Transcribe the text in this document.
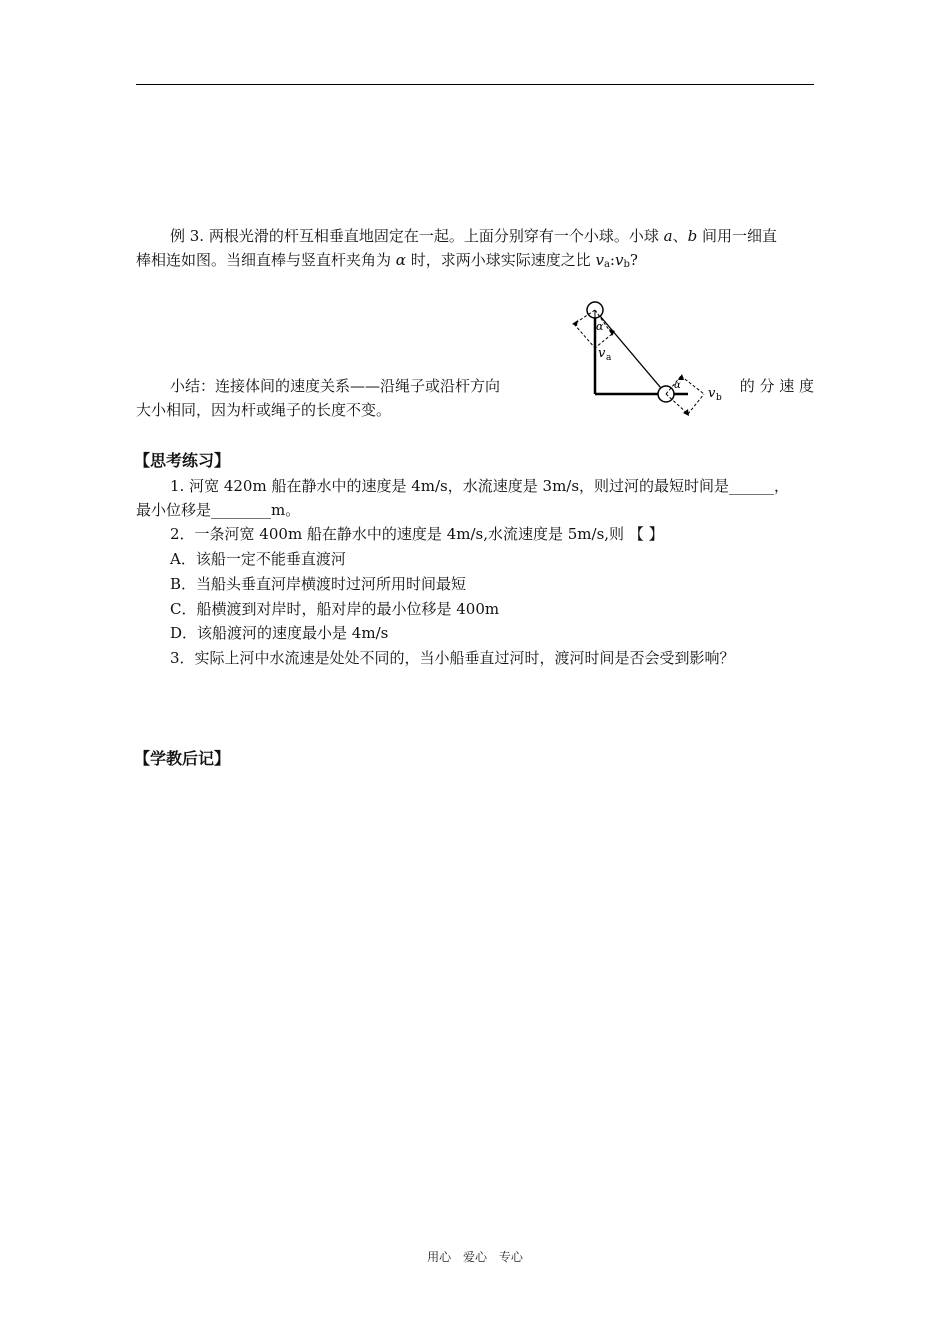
例 3. 两根光滑的杆互相垂直地固定在一起。上面分别穿有一个小球。小球 a、b 间用一细直
棒相连如图。当细直棒与竖直杆夹角为 α 时，求两小球实际速度之比 $v_a:v_b$?
α
α
v a
v b
小结：连接体间的速度关系——沿绳子或沿杆方向	的 分 速 度
大小相同，因为杆或绳子的长度不变。
【思考练习】
1. 河宽 420m 船在静水中的速度是 4m/s，水流速度是 3m/s，则过河的最短时间是______，
最小位移是________m。
2．一条河宽 400m 船在静水中的速度是 4m/s,水流速度是 5m/s,则 【 】
A．该船一定不能垂直渡河
B．当船头垂直河岸横渡时过河所用时间最短
C．船横渡到对岸时，船对岸的最小位移是 400m
D．该船渡河的速度最小是 4m/s
3．实际上河中水流速是处处不同的，当小船垂直过河时，渡河时间是否会受到影响？
【学教后记】
用心 爱心 专心
